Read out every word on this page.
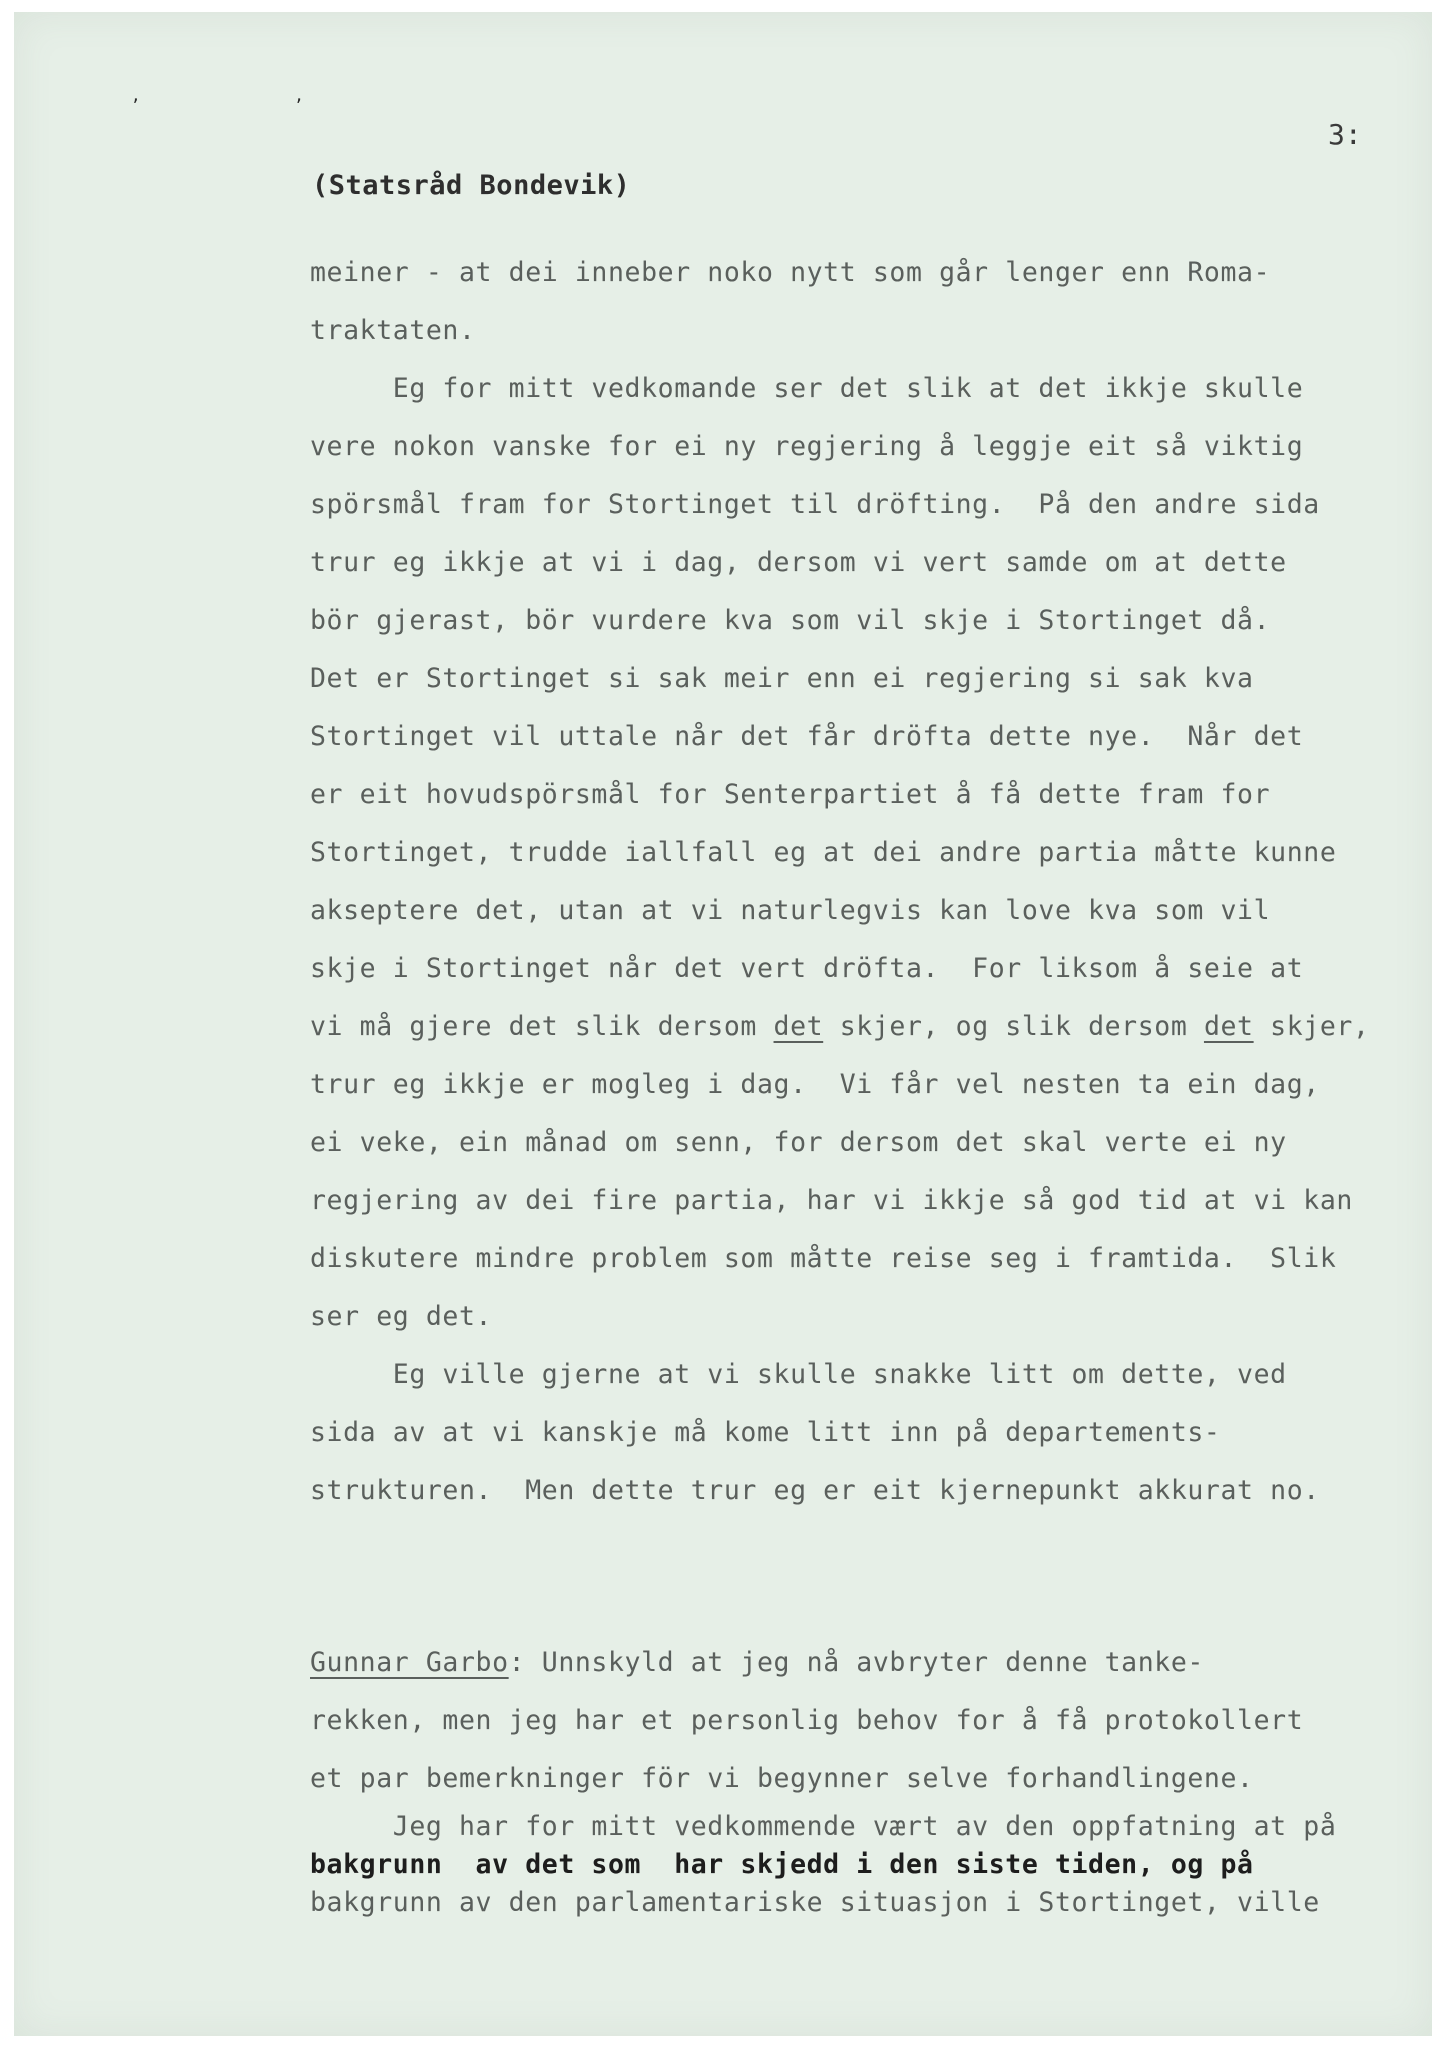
, ,
3:
(Statsråd Bondevik)
meiner - at dei inneber noko nytt som går lenger enn Roma-
traktaten.
Eg for mitt vedkomande ser det slik at det ikkje skulle
vere nokon vanske for ei ny regjering å leggje eit så viktig
spörsmål fram for Stortinget til dröfting.  På den andre sida
trur eg ikkje at vi i dag, dersom vi vert samde om at dette
bör gjerast, bör vurdere kva som vil skje i Stortinget då.
Det er Stortinget si sak meir enn ei regjering si sak kva
Stortinget vil uttale når det får dröfta dette nye.  Når det
er eit hovudspörsmål for Senterpartiet å få dette fram for
Stortinget, trudde iallfall eg at dei andre partia måtte kunne
akseptere det, utan at vi naturlegvis kan love kva som vil
skje i Stortinget når det vert dröfta.  For liksom å seie at
vi må gjere det slik dersom det skjer, og slik dersom det skjer,
trur eg ikkje er mogleg i dag.  Vi får vel nesten ta ein dag,
ei veke, ein månad om senn, for dersom det skal verte ei ny
regjering av dei fire partia, har vi ikkje så god tid at vi kan
diskutere mindre problem som måtte reise seg i framtida.  Slik
ser eg det.
Eg ville gjerne at vi skulle snakke litt om dette, ved
sida av at vi kanskje må kome litt inn på departements-
strukturen.  Men dette trur eg er eit kjernepunkt akkurat no.
Gunnar Garbo: Unnskyld at jeg nå avbryter denne tanke-
rekken, men jeg har et personlig behov for å få protokollert
et par bemerkninger för vi begynner selve forhandlingene.
Jeg har for mitt vedkommende vært av den oppfatning at på
bakgrunn  av det som  har skjedd i den siste tiden, og på
bakgrunn av den parlamentariske situasjon i Stortinget, ville
